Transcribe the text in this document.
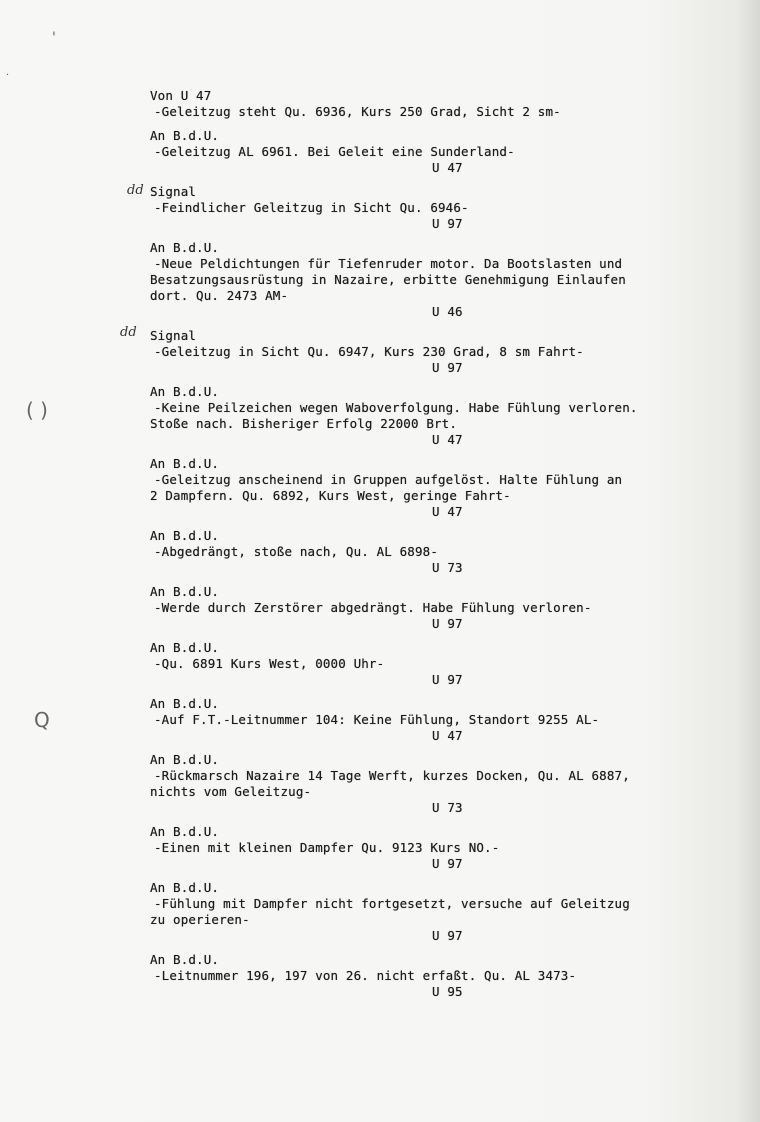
dd
dd
( )
Q
'
·
Von U 47
-Geleitzug steht Qu. 6936, Kurs 250 Grad, Sicht 2 sm-
An B.d.U.
-Geleitzug AL 6961. Bei Geleit eine Sunderland-
U 47
Signal
-Feindlicher Geleitzug in Sicht Qu. 6946-
U 97
An B.d.U.
-Neue Peldichtungen für Tiefenruder motor. Da Bootslasten und
Besatzungsausrüstung in Nazaire, erbitte Genehmigung Einlaufen
dort. Qu. 2473 AM-
U 46
Signal
-Geleitzug in Sicht Qu. 6947, Kurs 230 Grad, 8 sm Fahrt-
U 97
An B.d.U.
-Keine Peilzeichen wegen Waboverfolgung. Habe Fühlung verloren.
Stoße nach. Bisheriger Erfolg 22000 Brt.
U 47
An B.d.U.
-Geleitzug anscheinend in Gruppen aufgelöst. Halte Fühlung an
2 Dampfern. Qu. 6892, Kurs West, geringe Fahrt-
U 47
An B.d.U.
-Abgedrängt, stoße nach, Qu. AL 6898-
U 73
An B.d.U.
-Werde durch Zerstörer abgedrängt. Habe Fühlung verloren-
U 97
An B.d.U.
-Qu. 6891 Kurs West, 0000 Uhr-
U 97
An B.d.U.
-Auf F.T.-Leitnummer 104: Keine Fühlung, Standort 9255 AL-
U 47
An B.d.U.
-Rückmarsch Nazaire 14 Tage Werft, kurzes Docken, Qu. AL 6887,
nichts vom Geleitzug-
U 73
An B.d.U.
-Einen mit kleinen Dampfer Qu. 9123 Kurs NO.-
U 97
An B.d.U.
-Fühlung mit Dampfer nicht fortgesetzt, versuche auf Geleitzug
zu operieren-
U 97
An B.d.U.
-Leitnummer 196, 197 von 26. nicht erfaßt. Qu. AL 3473-
U 95
